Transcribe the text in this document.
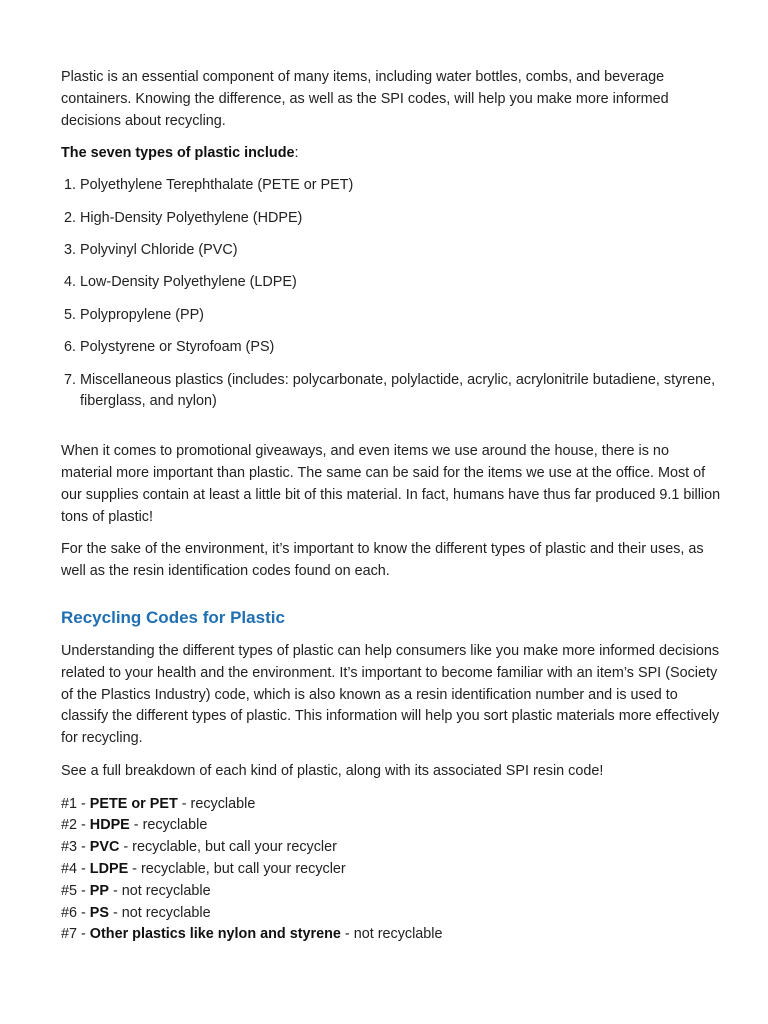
Plastic is an essential component of many items, including water bottles, combs, and beverage containers. Knowing the difference, as well as the SPI codes, will help you make more informed decisions about recycling.

The seven types of plastic include:

1. Polyethylene Terephthalate (PETE or PET)
2. High-Density Polyethylene (HDPE)
3. Polyvinyl Chloride (PVC)
4. Low-Density Polyethylene (LDPE)
5. Polypropylene (PP)
6. Polystyrene or Styrofoam (PS)
7. Miscellaneous plastics (includes: polycarbonate, polylactide, acrylic, acrylonitrile butadiene, styrene, fiberglass, and nylon)

When it comes to promotional giveaways, and even items we use around the house, there is no material more important than plastic. The same can be said for the items we use at the office. Most of our supplies contain at least a little bit of this material. In fact, humans have thus far produced 9.1 billion tons of plastic!

For the sake of the environment, it’s important to know the different types of plastic and their uses, as well as the resin identification codes found on each.

Recycling Codes for Plastic

Understanding the different types of plastic can help consumers like you make more informed decisions related to your health and the environment. It’s important to become familiar with an item’s SPI (Society of the Plastics Industry) code, which is also known as a resin identification number and is used to classify the different types of plastic. This information will help you sort plastic materials more effectively for recycling.

See a full breakdown of each kind of plastic, along with its associated SPI resin code!

#1 - PETE or PET - recyclable
#2 - HDPE - recyclable
#3 - PVC - recyclable, but call your recycler
#4 - LDPE - recyclable, but call your recycler
#5 - PP - not recyclable
#6 - PS - not recyclable
#7 - Other plastics like nylon and styrene - not recyclable
